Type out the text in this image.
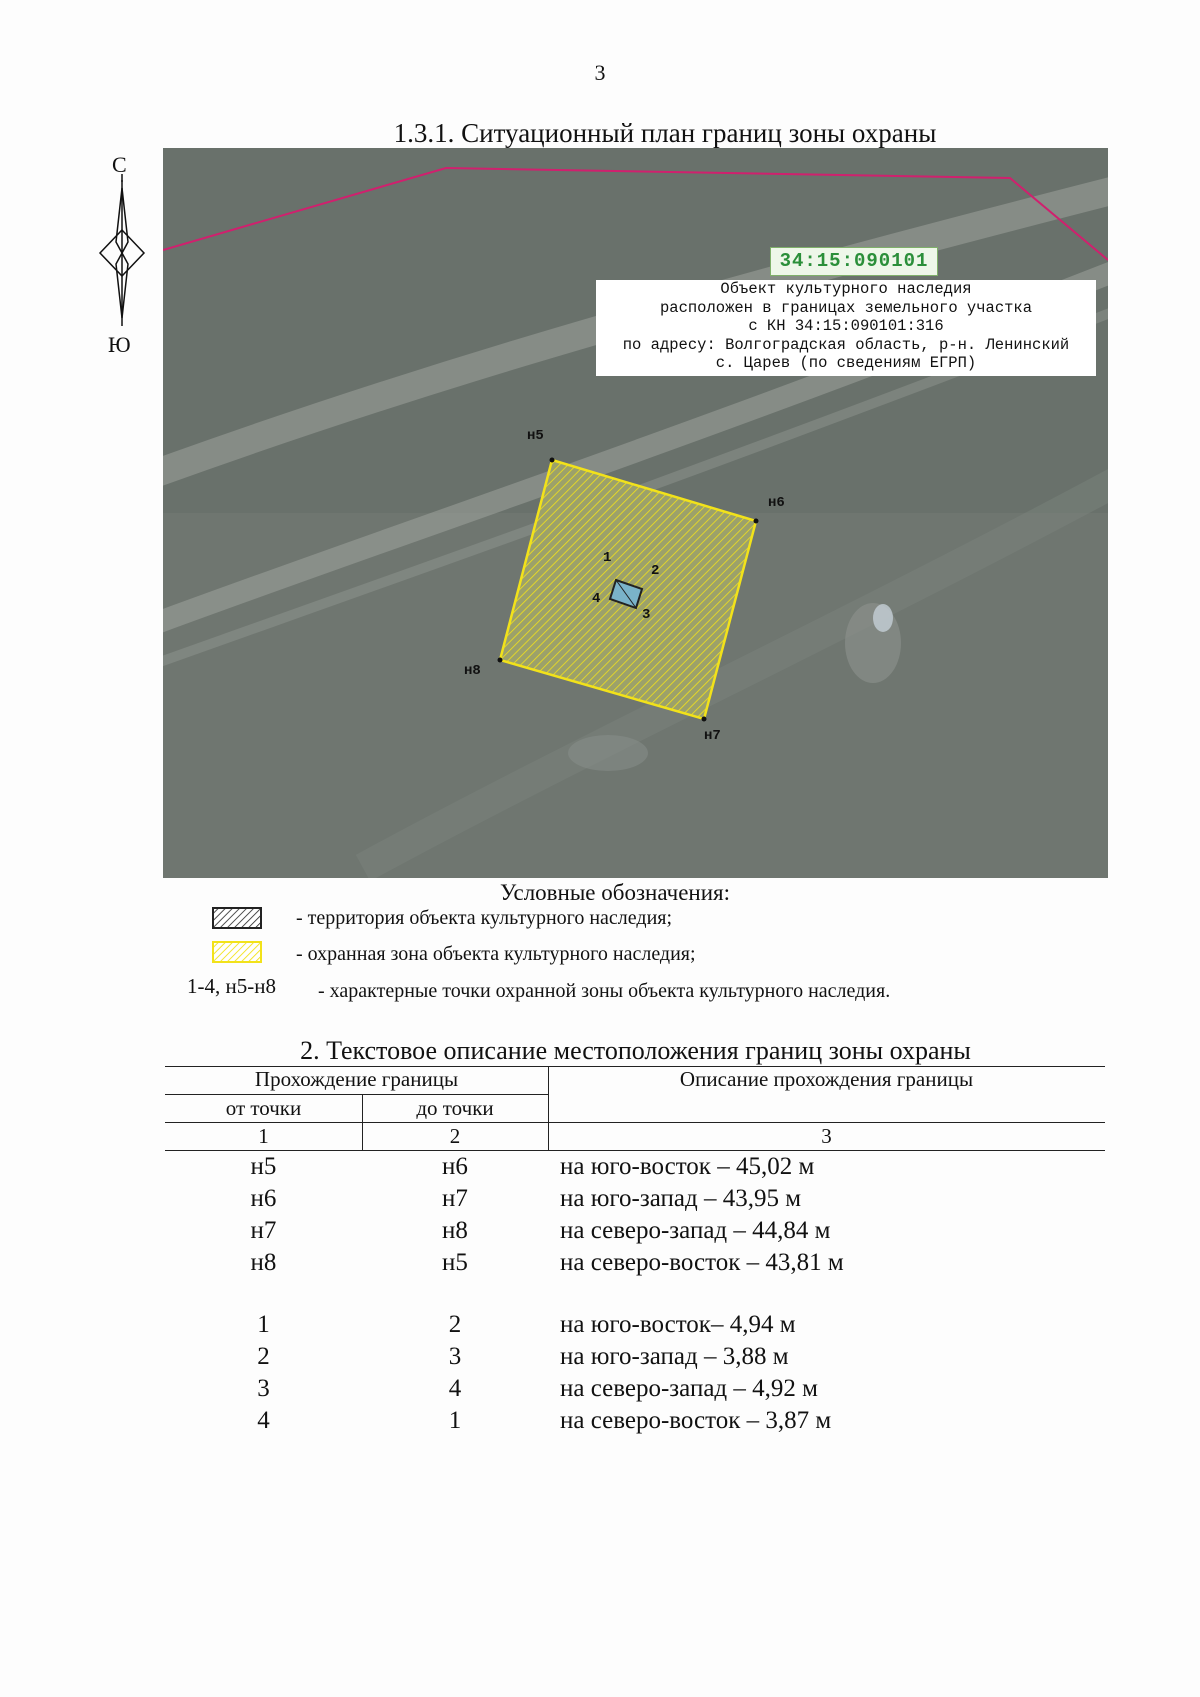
3
1.3.1. Ситуационный план границ зоны охраны
С
Ю
34:15:090101
Объект культурного наследия
расположен в границах земельного участка
с КН 34:15:090101:316
по адресу: Волгоградская область, р-н. Ленинский
с. Царев (по сведениям ЕГРП)
н5
н6
н7
н8
1
2
3
4
Условные обозначения:
- территория объекта культурного наследия;
- охранная зона объекта культурного наследия;
1-4, н5-н8 - характерные точки охранной зоны объекта культурного наследия.
2. Текстовое описание местоположения границ зоны охраны
Прохождение границы	Описание прохождения границы
от точки	до точки
1	2	3
н5	н6	на юго-восток – 45,02 м
н6	н7	на юго-запад – 43,95 м
н7	н8	на северо-запад – 44,84 м
н8	н5	на северо-восток – 43,81 м
1	2	на юго-восток– 4,94 м
2	3	на юго-запад – 3,88 м
3	4	на северо-запад – 4,92 м
4	1	на северо-восток – 3,87 м
